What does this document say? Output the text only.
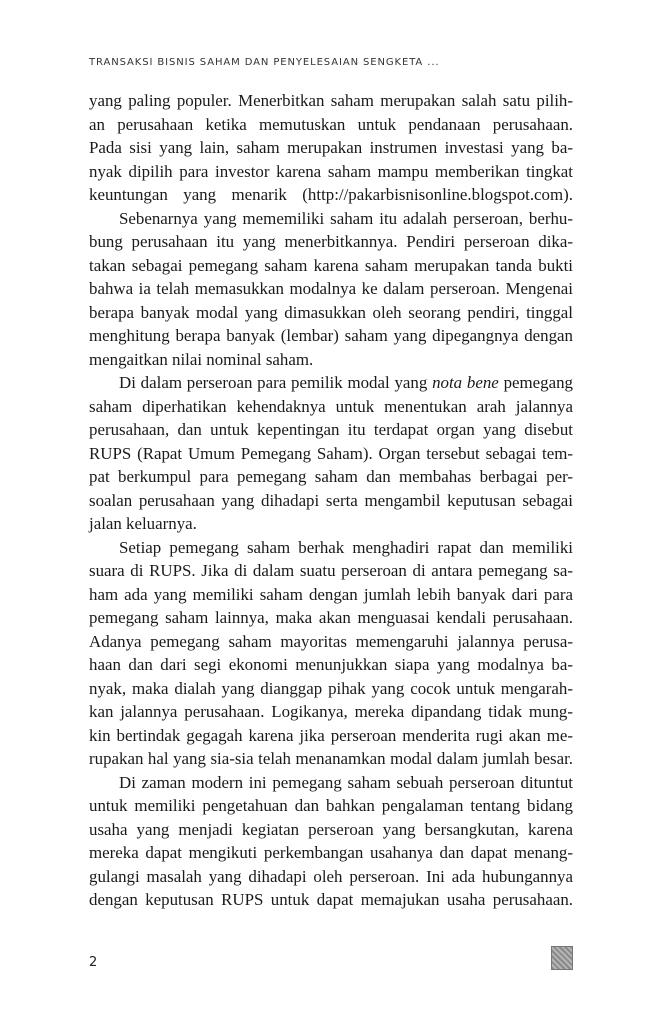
TRANSAKSI BISNIS SAHAM DAN PENYELESAIAN SENGKETA ...
yang paling populer. Menerbitkan saham merupakan salah satu pilih-
an perusahaan ketika memutuskan untuk pendanaan perusahaan.
Pada sisi yang lain, saham merupakan instrumen investasi yang ba-
nyak dipilih para investor karena saham mampu memberikan tingkat
keuntungan yang menarik (http://pakarbisnisonline.blogspot.com).
Sebenarnya yang mememiliki saham itu adalah perseroan, berhu-
bung perusahaan itu yang menerbitkannya. Pendiri perseroan dika-
takan sebagai pemegang saham karena saham merupakan tanda bukti
bahwa ia telah memasukkan modalnya ke dalam perseroan. Mengenai
berapa banyak modal yang dimasukkan oleh seorang pendiri, tinggal
menghitung berapa banyak (lembar) saham yang dipegangnya dengan
mengaitkan nilai nominal saham.
Di dalam perseroan para pemilik modal yang nota bene pemegang
saham diperhatikan kehendaknya untuk menentukan arah jalannya
perusahaan, dan untuk kepentingan itu terdapat organ yang disebut
RUPS (Rapat Umum Pemegang Saham). Organ tersebut sebagai tem-
pat berkumpul para pemegang saham dan membahas berbagai per-
soalan perusahaan yang dihadapi serta mengambil keputusan sebagai
jalan keluarnya.
Setiap pemegang saham berhak menghadiri rapat dan memiliki
suara di RUPS. Jika di dalam suatu perseroan di antara pemegang sa-
ham ada yang memiliki saham dengan jumlah lebih banyak dari para
pemegang saham lainnya, maka akan menguasai kendali perusahaan.
Adanya pemegang saham mayoritas memengaruhi jalannya perusa-
haan dan dari segi ekonomi menunjukkan siapa yang modalnya ba-
nyak, maka dialah yang dianggap pihak yang cocok untuk mengarah-
kan jalannya perusahaan. Logikanya, mereka dipandang tidak mung-
kin bertindak gegagah karena jika perseroan menderita rugi akan me-
rupakan hal yang sia-sia telah menanamkan modal dalam jumlah besar.
Di zaman modern ini pemegang saham sebuah perseroan dituntut
untuk memiliki pengetahuan dan bahkan pengalaman tentang bidang
usaha yang menjadi kegiatan perseroan yang bersangkutan, karena
mereka dapat mengikuti perkembangan usahanya dan dapat menang-
gulangi masalah yang dihadapi oleh perseroan. Ini ada hubungannya
dengan keputusan RUPS untuk dapat memajukan usaha perusahaan.
2
